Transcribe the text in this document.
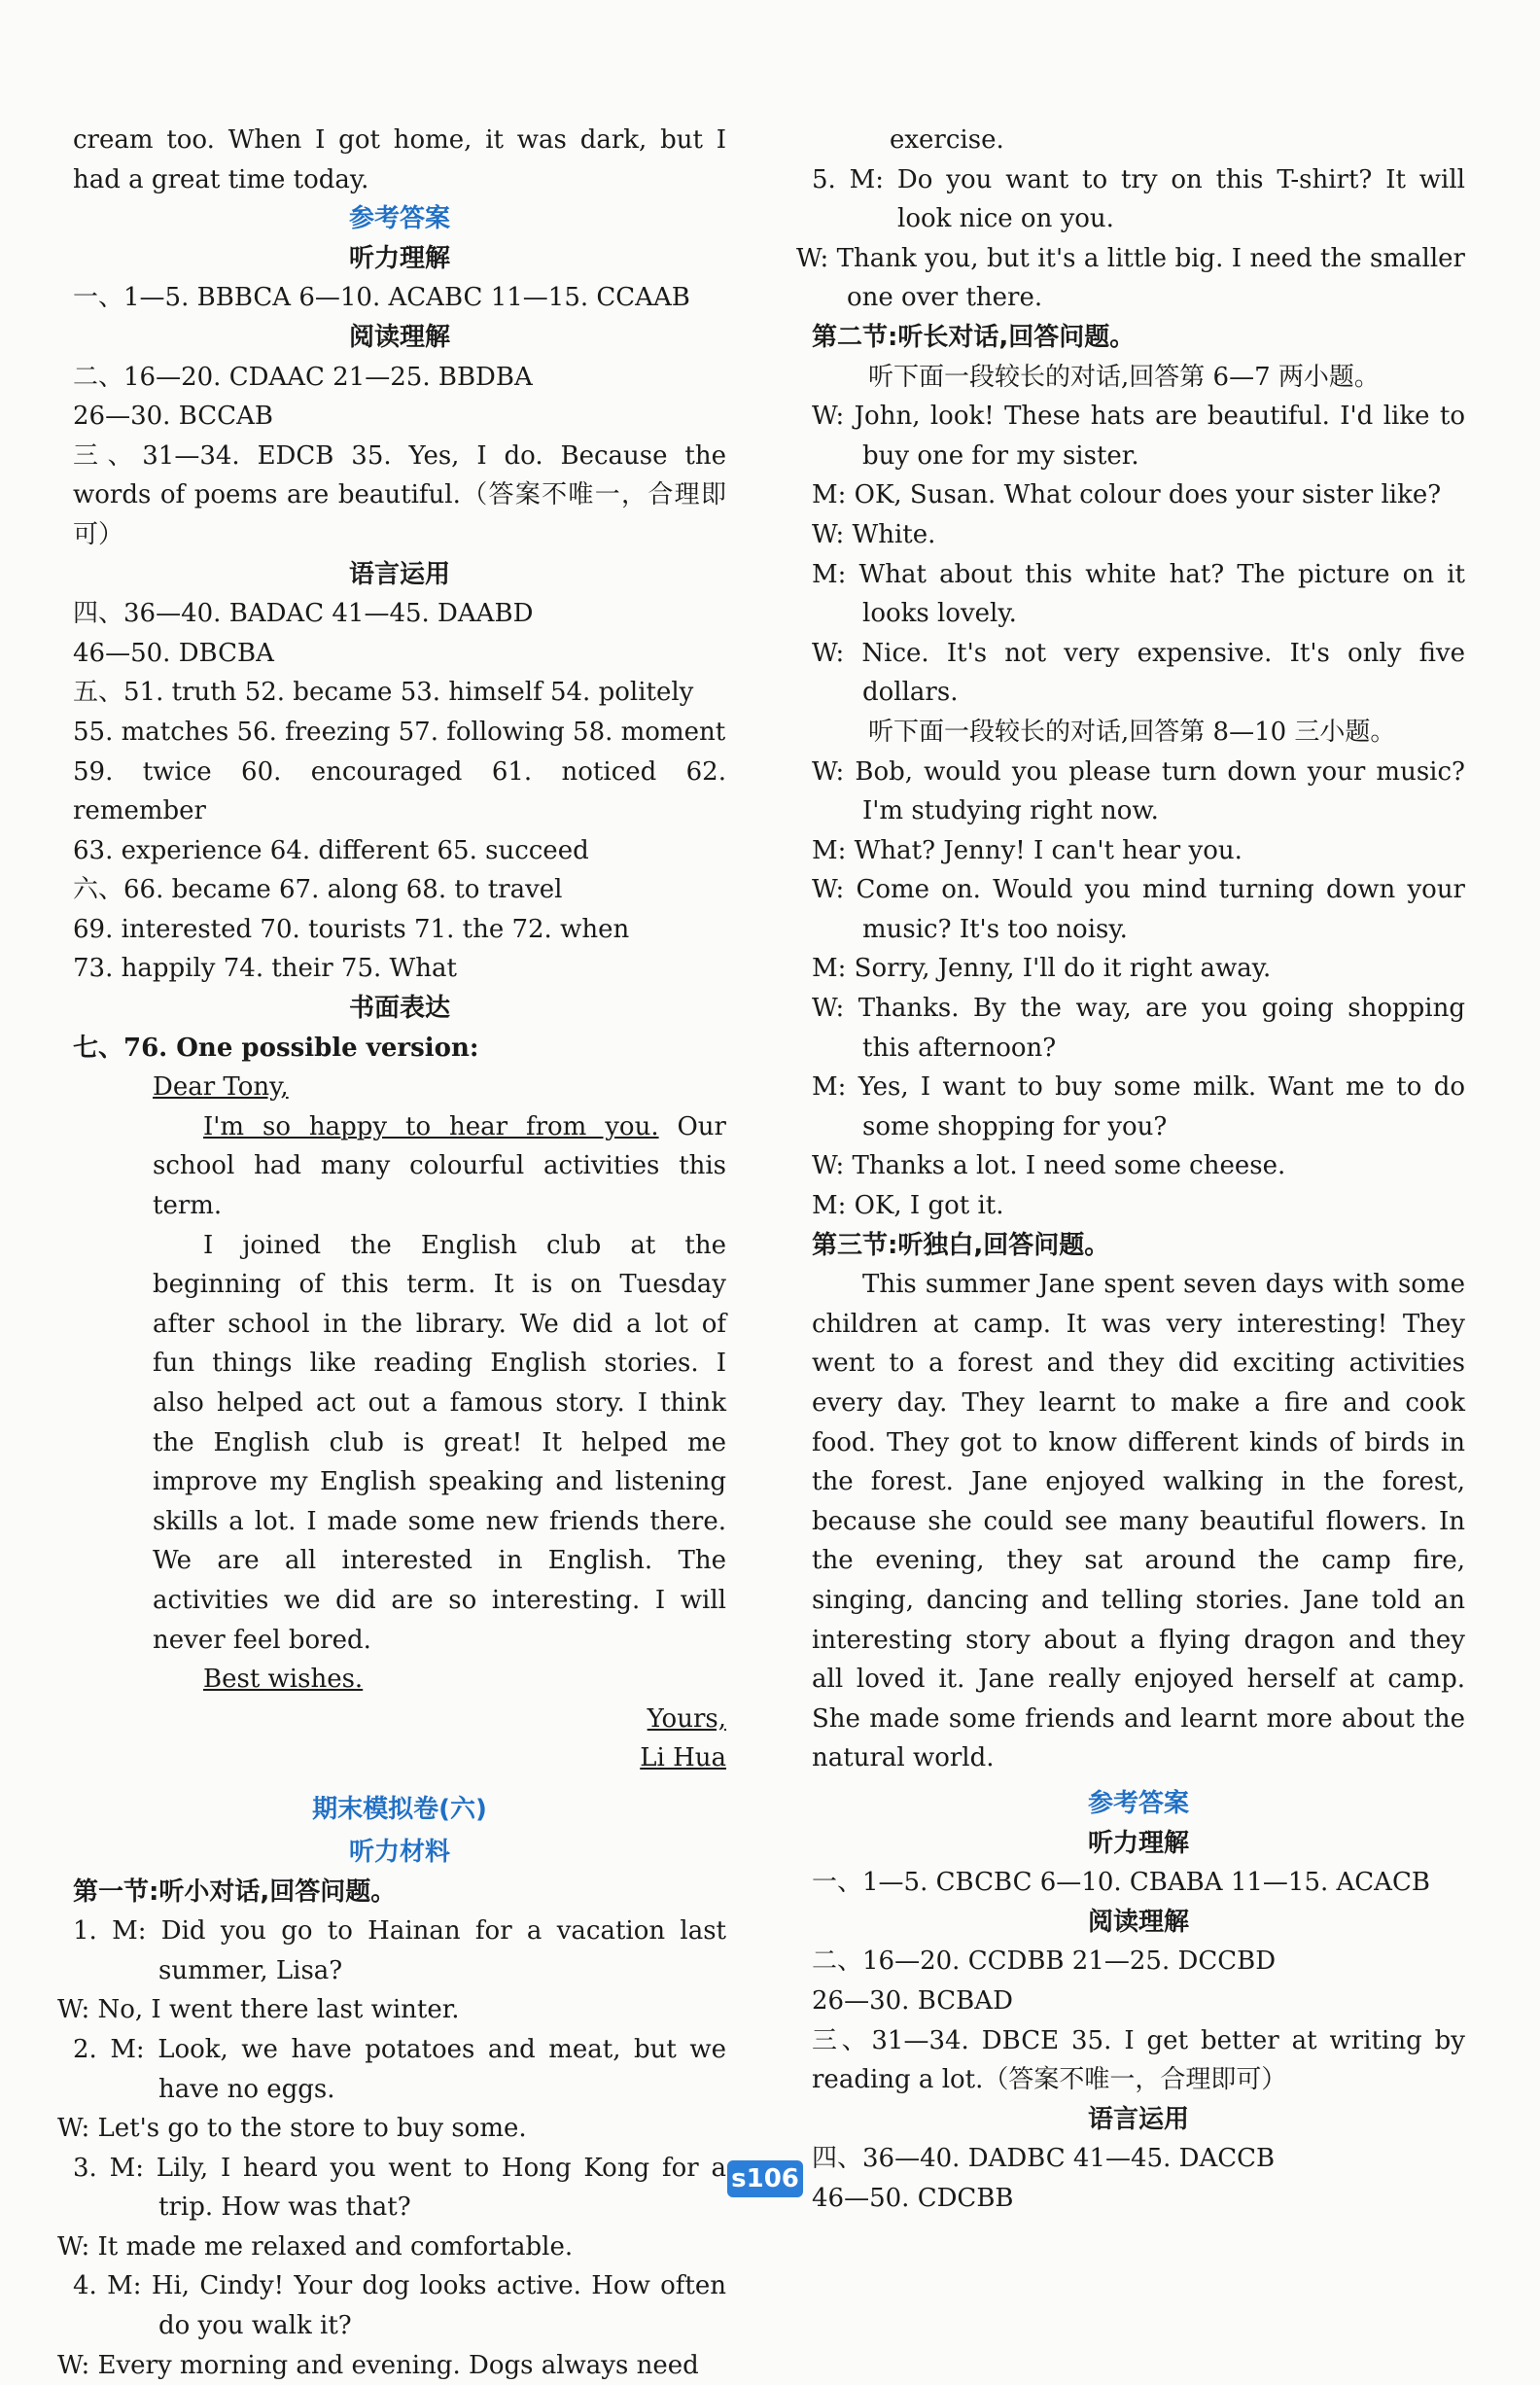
cream too. When I got home, it was dark, but I had a great time today.
参考答案
听力理解
一、1—5. BBBCA 6—10. ACABC 11—15. CCAAB
阅读理解
二、16—20. CDAAC 21—25. BBDBA
26—30. BCCAB
三、31—34. EDCB 35. Yes, I do. Because the words of poems are beautiful.（答案不唯一，合理即可）
语言运用
四、36—40. BADAC 41—45. DAABD
46—50. DBCBA
五、51. truth 52. became 53. himself 54. politely
55. matches 56. freezing 57. following 58. moment
59. twice 60. encouraged 61. noticed 62. remember
63. experience 64. different 65. succeed
六、66. became 67. along 68. to travel
69. interested 70. tourists 71. the 72. when
73. happily 74. their 75. What
书面表达
七、76. One possible version:
Dear Tony,
I'm so happy to hear from you. Our school had many colourful activities this term.
I joined the English club at the beginning of this term. It is on Tuesday after school in the library. We did a lot of fun things like reading English stories. I also helped act out a famous story. I think the English club is great! It helped me improve my English speaking and listening skills a lot. I made some new friends there. We are all interested in English. The activities we did are so interesting. I will never feel bored.
Best wishes.
Yours,
Li Hua
期末模拟卷(六)
听力材料
第一节:听小对话,回答问题。
1. M: Did you go to Hainan for a vacation last summer, Lisa?
W: No, I went there last winter.
2. M: Look, we have potatoes and meat, but we have no eggs.
W: Let's go to the store to buy some.
3. M: Lily, I heard you went to Hong Kong for a trip. How was that?
W: It made me relaxed and comfortable.
4. M: Hi, Cindy! Your dog looks active. How often do you walk it?
W: Every morning and evening. Dogs always need
exercise.
5. M: Do you want to try on this T-shirt? It will look nice on you.
W: Thank you, but it's a little big. I need the smaller one over there.
第二节:听长对话,回答问题。
听下面一段较长的对话,回答第 6—7 两小题。
W: John, look! These hats are beautiful. I'd like to buy one for my sister.
M: OK, Susan. What colour does your sister like?
W: White.
M: What about this white hat? The picture on it looks lovely.
W: Nice. It's not very expensive. It's only five dollars.
听下面一段较长的对话,回答第 8—10 三小题。
W: Bob, would you please turn down your music? I'm studying right now.
M: What? Jenny! I can't hear you.
W: Come on. Would you mind turning down your music? It's too noisy.
M: Sorry, Jenny, I'll do it right away.
W: Thanks. By the way, are you going shopping this afternoon?
M: Yes, I want to buy some milk. Want me to do some shopping for you?
W: Thanks a lot. I need some cheese.
M: OK, I got it.
第三节:听独白,回答问题。
This summer Jane spent seven days with some children at camp. It was very interesting! They went to a forest and they did exciting activities every day. They learnt to make a fire and cook food. They got to know different kinds of birds in the forest. Jane enjoyed walking in the forest, because she could see many beautiful flowers. In the evening, they sat around the camp fire, singing, dancing and telling stories. Jane told an interesting story about a flying dragon and they all loved it. Jane really enjoyed herself at camp. She made some friends and learnt more about the natural world.
参考答案
听力理解
一、1—5. CBCBC 6—10. CBABA 11—15. ACACB
阅读理解
二、16—20. CCDBB 21—25. DCCBD
26—30. BCBAD
三、31—34. DBCE 35. I get better at writing by reading a lot.（答案不唯一，合理即可）
语言运用
四、36—40. DADBC 41—45. DACCB
46—50. CDCBB
s106
